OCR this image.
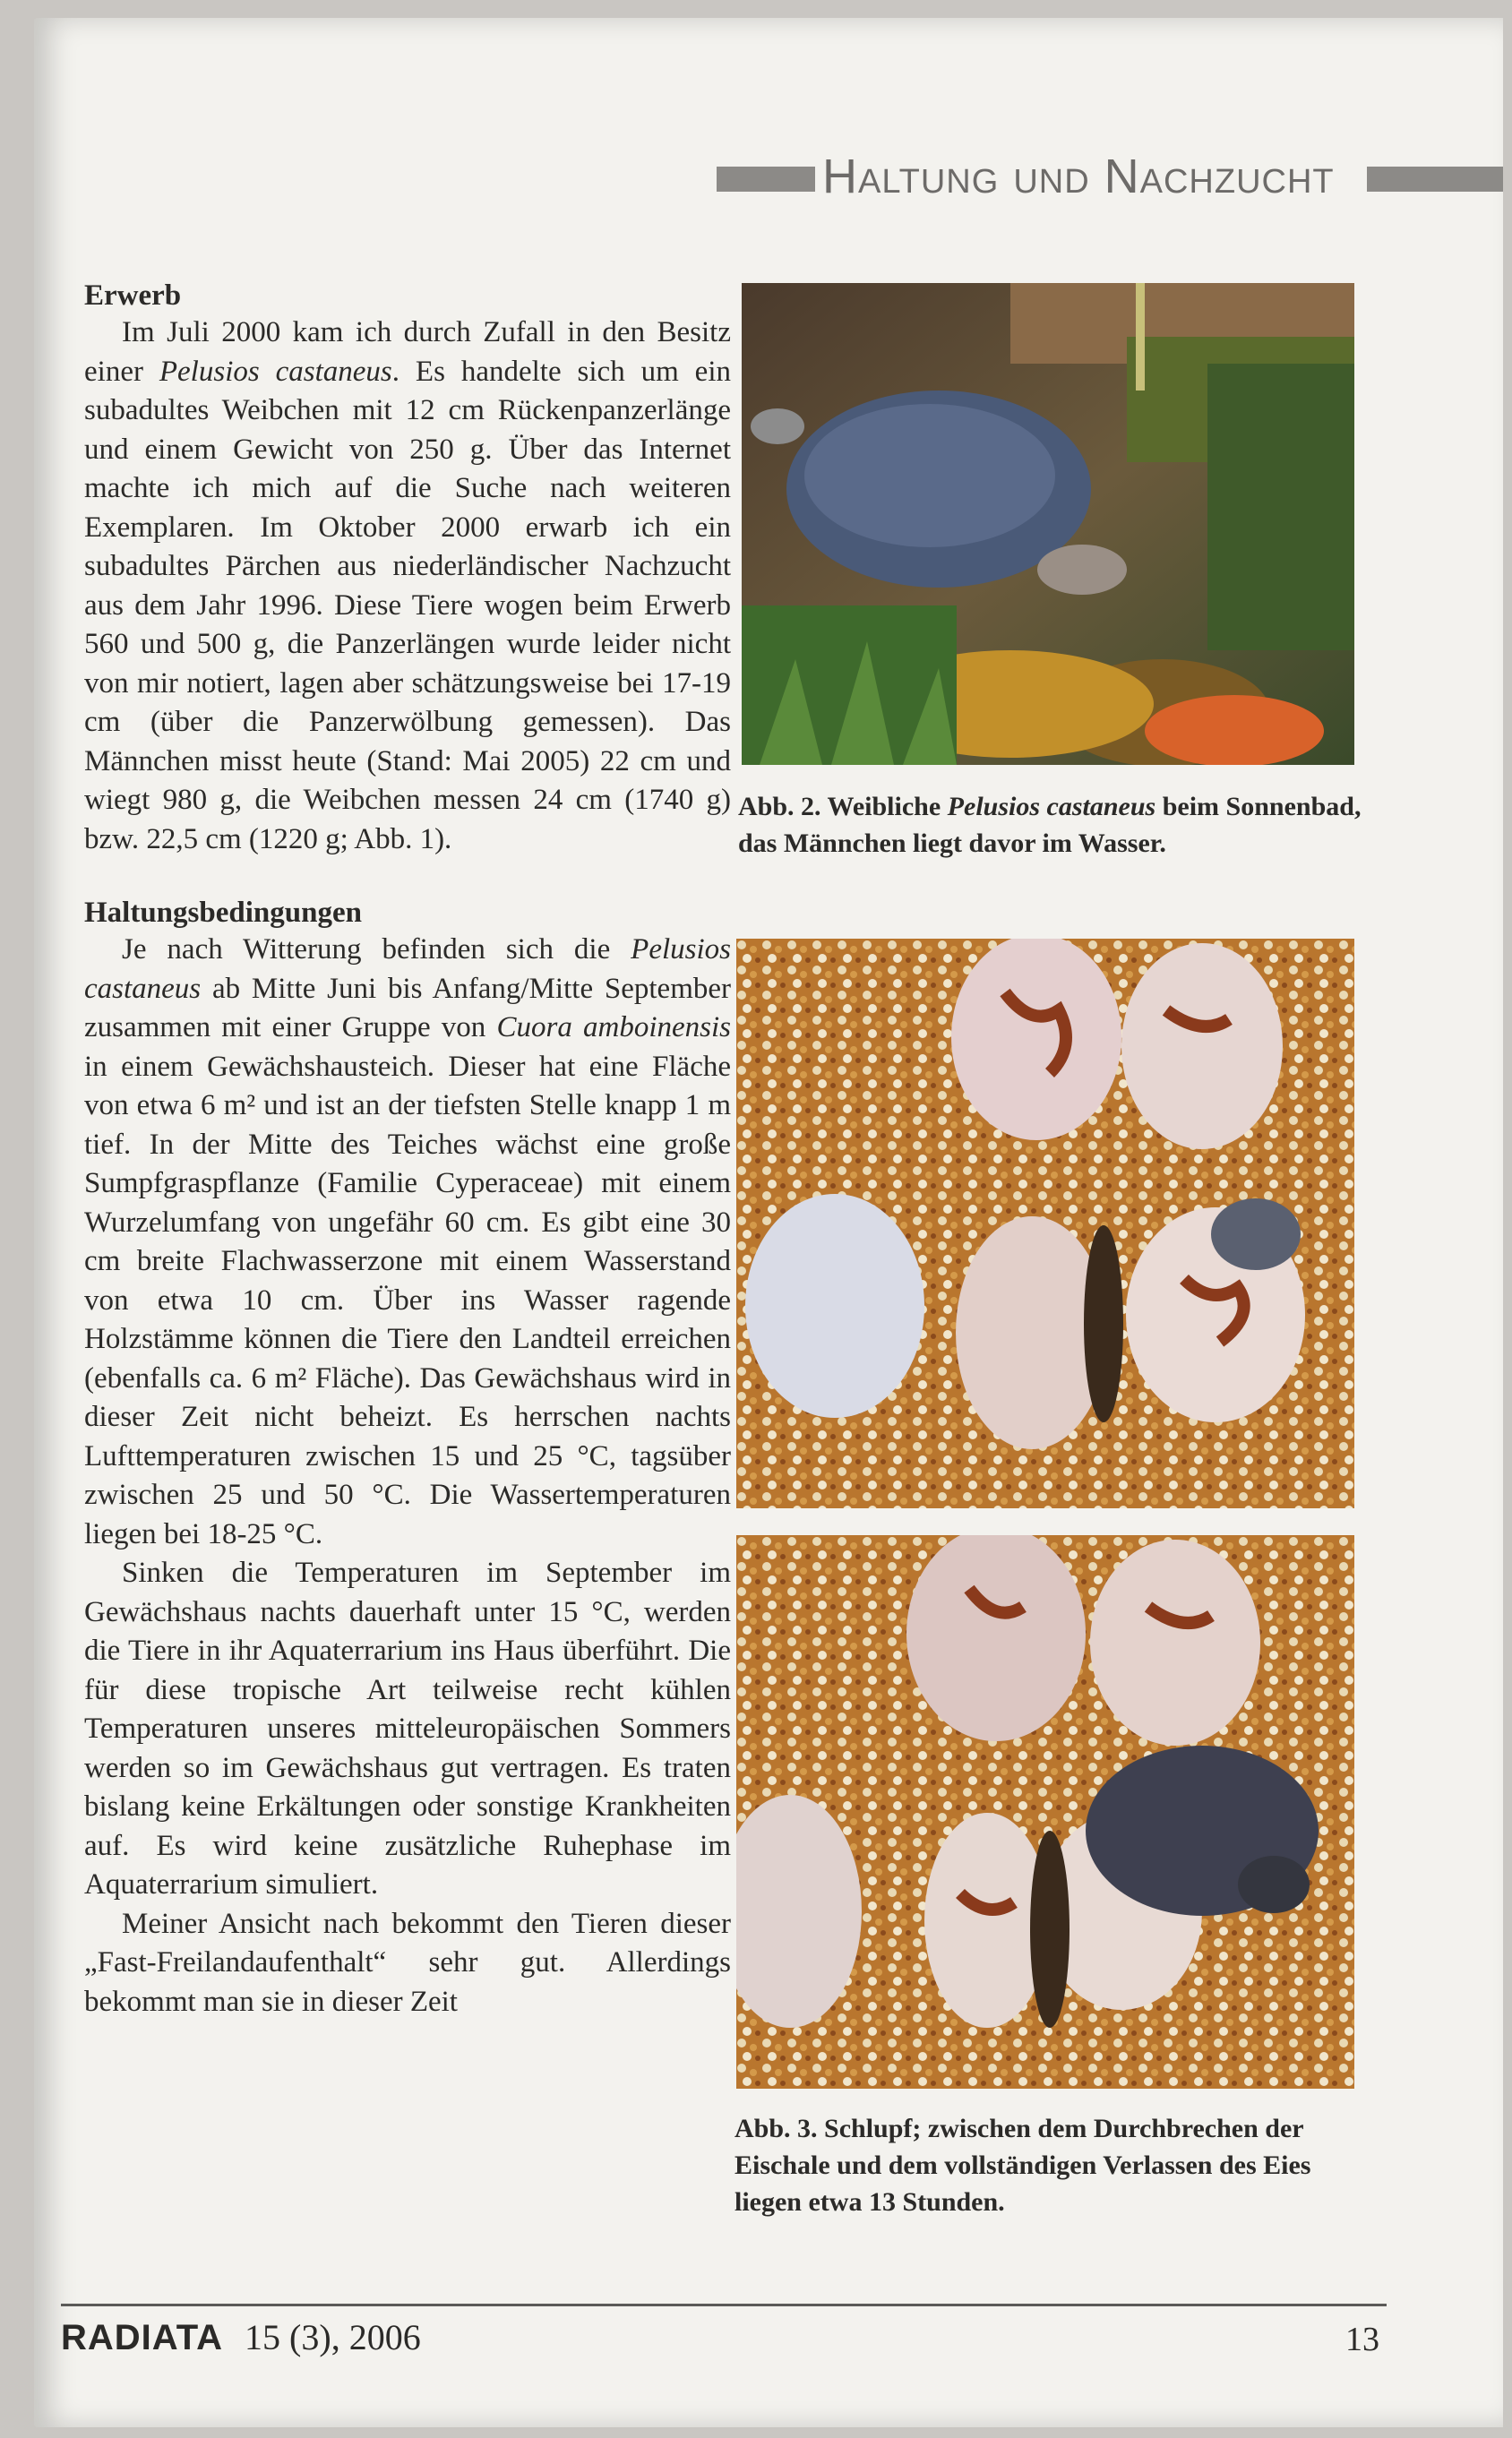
Haltung und Nachzucht
Erwerb

Im Juli 2000 kam ich durch Zufall in den Besitz einer Pelusios castaneus. Es handelte sich um ein subadultes Weibchen mit 12 cm Rückenpanzerlänge und einem Gewicht von 250 g. Über das Internet machte ich mich auf die Suche nach weiteren Exemplaren. Im Oktober 2000 erwarb ich ein subadultes Pärchen aus niederländischer Nachzucht aus dem Jahr 1996. Diese Tiere wogen beim Erwerb 560 und 500 g, die Panzerlängen wurde leider nicht von mir notiert, lagen aber schätzungsweise bei 17-19 cm (über die Panzerwölbung gemessen). Das Männchen misst heute (Stand: Mai 2005) 22 cm und wiegt 980 g, die Weibchen messen 24 cm (1740 g) bzw. 22,5 cm (1220 g; Abb. 1).

Haltungsbedingungen

Je nach Witterung befinden sich die Pelusios castaneus ab Mitte Juni bis Anfang/Mitte September zusammen mit einer Gruppe von Cuora amboinensis in einem Gewächshausteich. Dieser hat eine Fläche von etwa 6 m² und ist an der tiefsten Stelle knapp 1 m tief. In der Mitte des Teiches wächst eine große Sumpfgraspflanze (Familie Cyperaceae) mit einem Wurzelumfang von ungefähr 60 cm. Es gibt eine 30 cm breite Flachwasserzone mit einem Wasserstand von etwa 10 cm. Über ins Wasser ragende Holzstämme können die Tiere den Landteil erreichen (ebenfalls ca. 6 m² Fläche). Das Gewächshaus wird in dieser Zeit nicht beheizt. Es herrschen nachts Lufttemperaturen zwischen 15 und 25 °C, tagsüber zwischen 25 und 50 °C. Die Wassertemperaturen liegen bei 18-25 °C.

Sinken die Temperaturen im September im Gewächshaus nachts dauerhaft unter 15 °C, werden die Tiere in ihr Aquaterrarium ins Haus überführt. Die für diese tropische Art teilweise recht kühlen Temperaturen unseres mitteleuropäischen Sommers werden so im Gewächshaus gut vertragen. Es traten bislang keine Erkältungen oder sonstige Krankheiten auf. Es wird keine zusätzliche Ruhephase im Aquaterrarium simuliert.

Meiner Ansicht nach bekommt den Tieren dieser „Fast-Freilandaufenthalt“ sehr gut. Allerdings bekommt man sie in dieser Zeit

Abb. 2. Weibliche Pelusios castaneus beim Sonnenbad, das Männchen liegt davor im Wasser.
Abb. 3. Schlupf; zwischen dem Durchbrechen der Eischale und dem vollständigen Verlassen des Eies liegen etwa 13 Stunden.
RADIATA 15 (3), 2006	13
